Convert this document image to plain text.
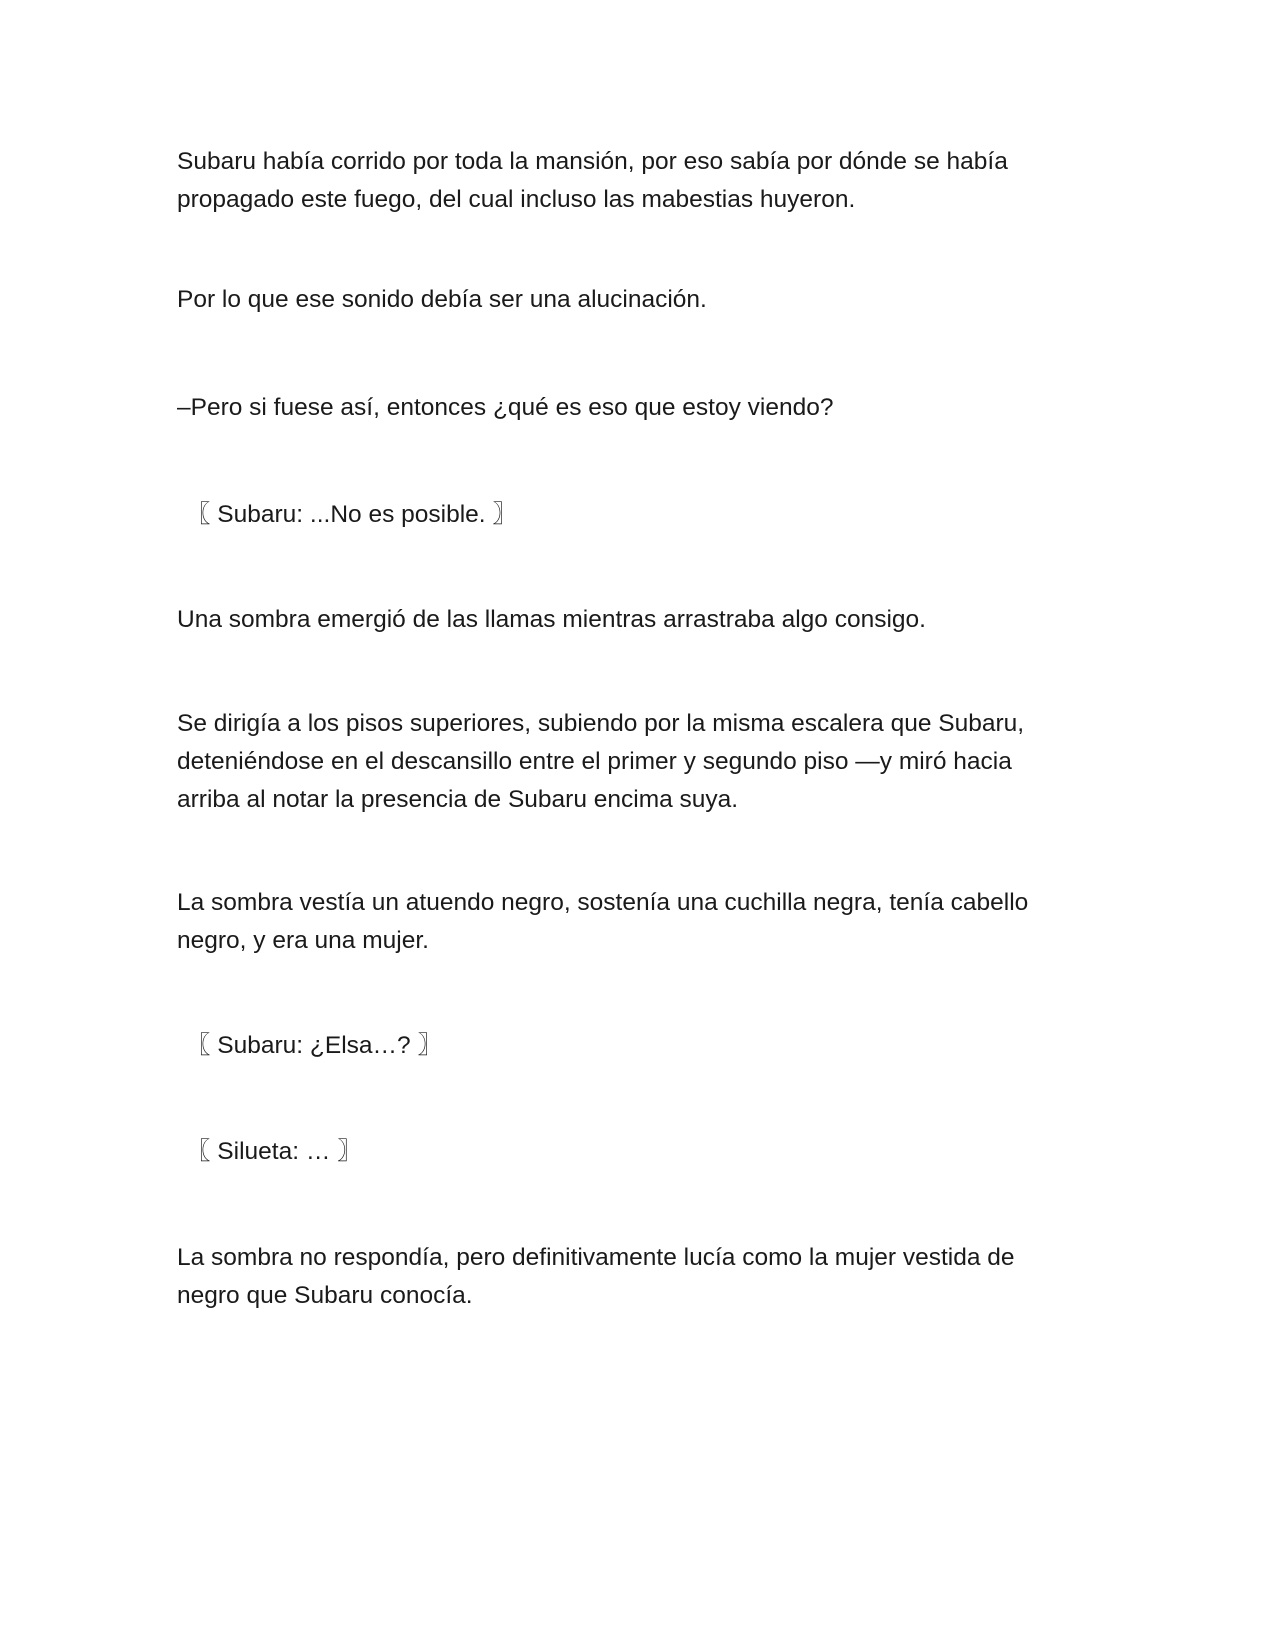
Subaru había corrido por toda la mansión, por eso sabía por dónde se había
propagado este fuego, del cual incluso las mabestias huyeron.

Por lo que ese sonido debía ser una alucinación.

–Pero si fuese así, entonces ¿qué es eso que estoy viendo?

〖 Subaru: ...No es posible. 〗

Una sombra emergió de las llamas mientras arrastraba algo consigo.

Se dirigía a los pisos superiores, subiendo por la misma escalera que Subaru,
deteniéndose en el descansillo entre el primer y segundo piso —y miró hacia
arriba al notar la presencia de Subaru encima suya.

La sombra vestía un atuendo negro, sostenía una cuchilla negra, tenía cabello
negro, y era una mujer.

〖 Subaru: ¿Elsa…? 〗

〖 Silueta: … 〗

La sombra no respondía, pero definitivamente lucía como la mujer vestida de
negro que Subaru conocía.
